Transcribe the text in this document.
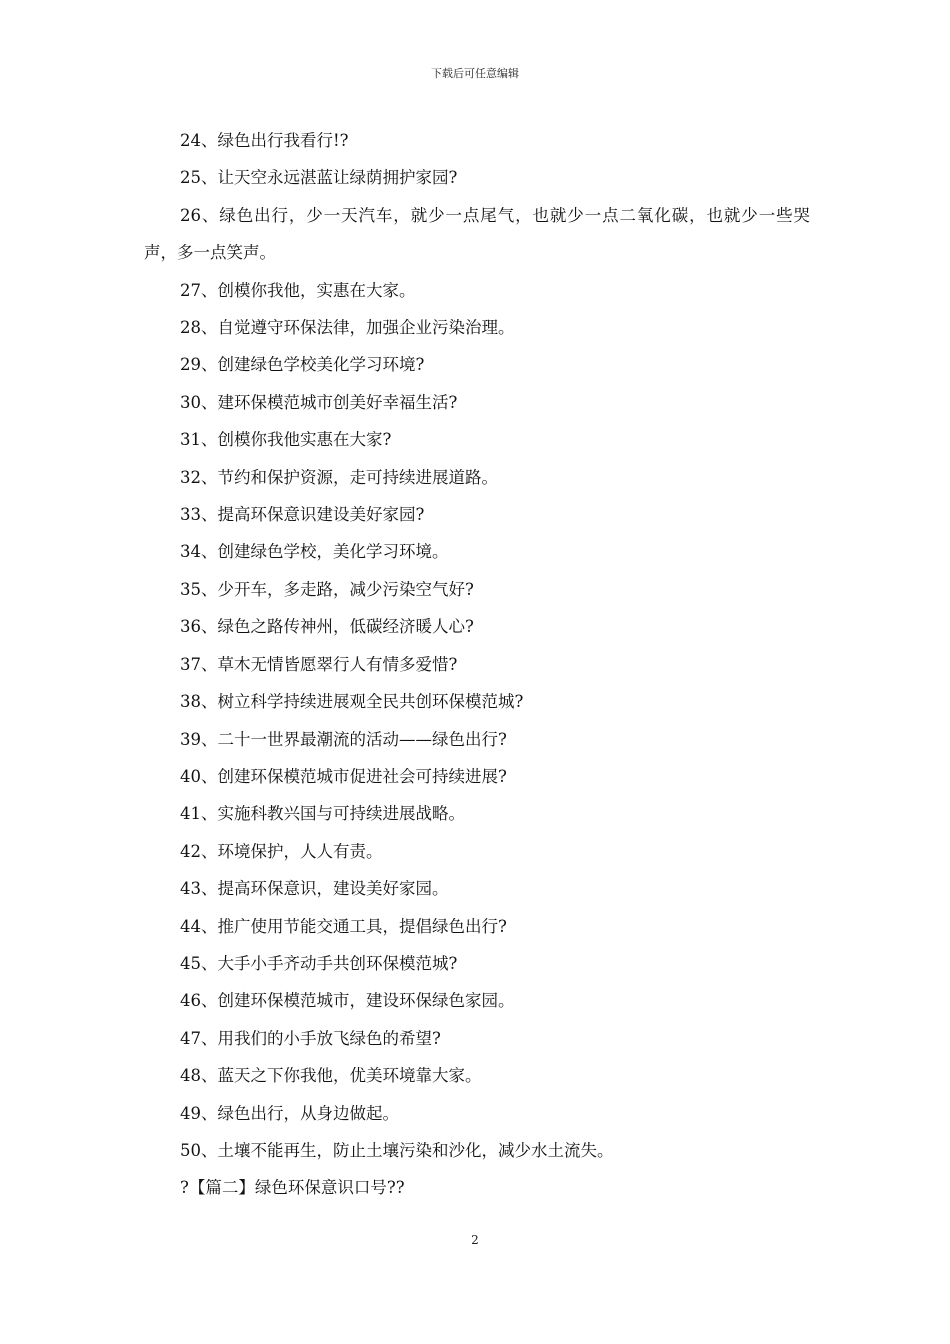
下载后可任意编辑

24、绿色出行我看行!?

25、让天空永远湛蓝让绿荫拥护家园?

26、绿色出行，少一天汽车，就少一点尾气，也就少一点二氧化碳，也就少一些哭声，多一点笑声。

27、创模你我他，实惠在大家。

28、自觉遵守环保法律，加强企业污染治理。

29、创建绿色学校美化学习环境?

30、建环保模范城市创美好幸福生活?

31、创模你我他实惠在大家?

32、节约和保护资源，走可持续进展道路。

33、提高环保意识建设美好家园?

34、创建绿色学校，美化学习环境。

35、少开车，多走路，减少污染空气好?

36、绿色之路传神州，低碳经济暖人心?

37、草木无情皆愿翠行人有情多爱惜?

38、树立科学持续进展观全民共创环保模范城?

39、二十一世界最潮流的活动——绿色出行?

40、创建环保模范城市促进社会可持续进展?

41、实施科教兴国与可持续进展战略。

42、环境保护，人人有责。

43、提高环保意识，建设美好家园。

44、推广使用节能交通工具，提倡绿色出行?

45、大手小手齐动手共创环保模范城?

46、创建环保模范城市，建设环保绿色家园。

47、用我们的小手放飞绿色的希望?

48、蓝天之下你我他，优美环境靠大家。

49、绿色出行，从身边做起。

50、土壤不能再生，防止土壤污染和沙化，减少水土流失。

?【篇二】绿色环保意识口号??

2
